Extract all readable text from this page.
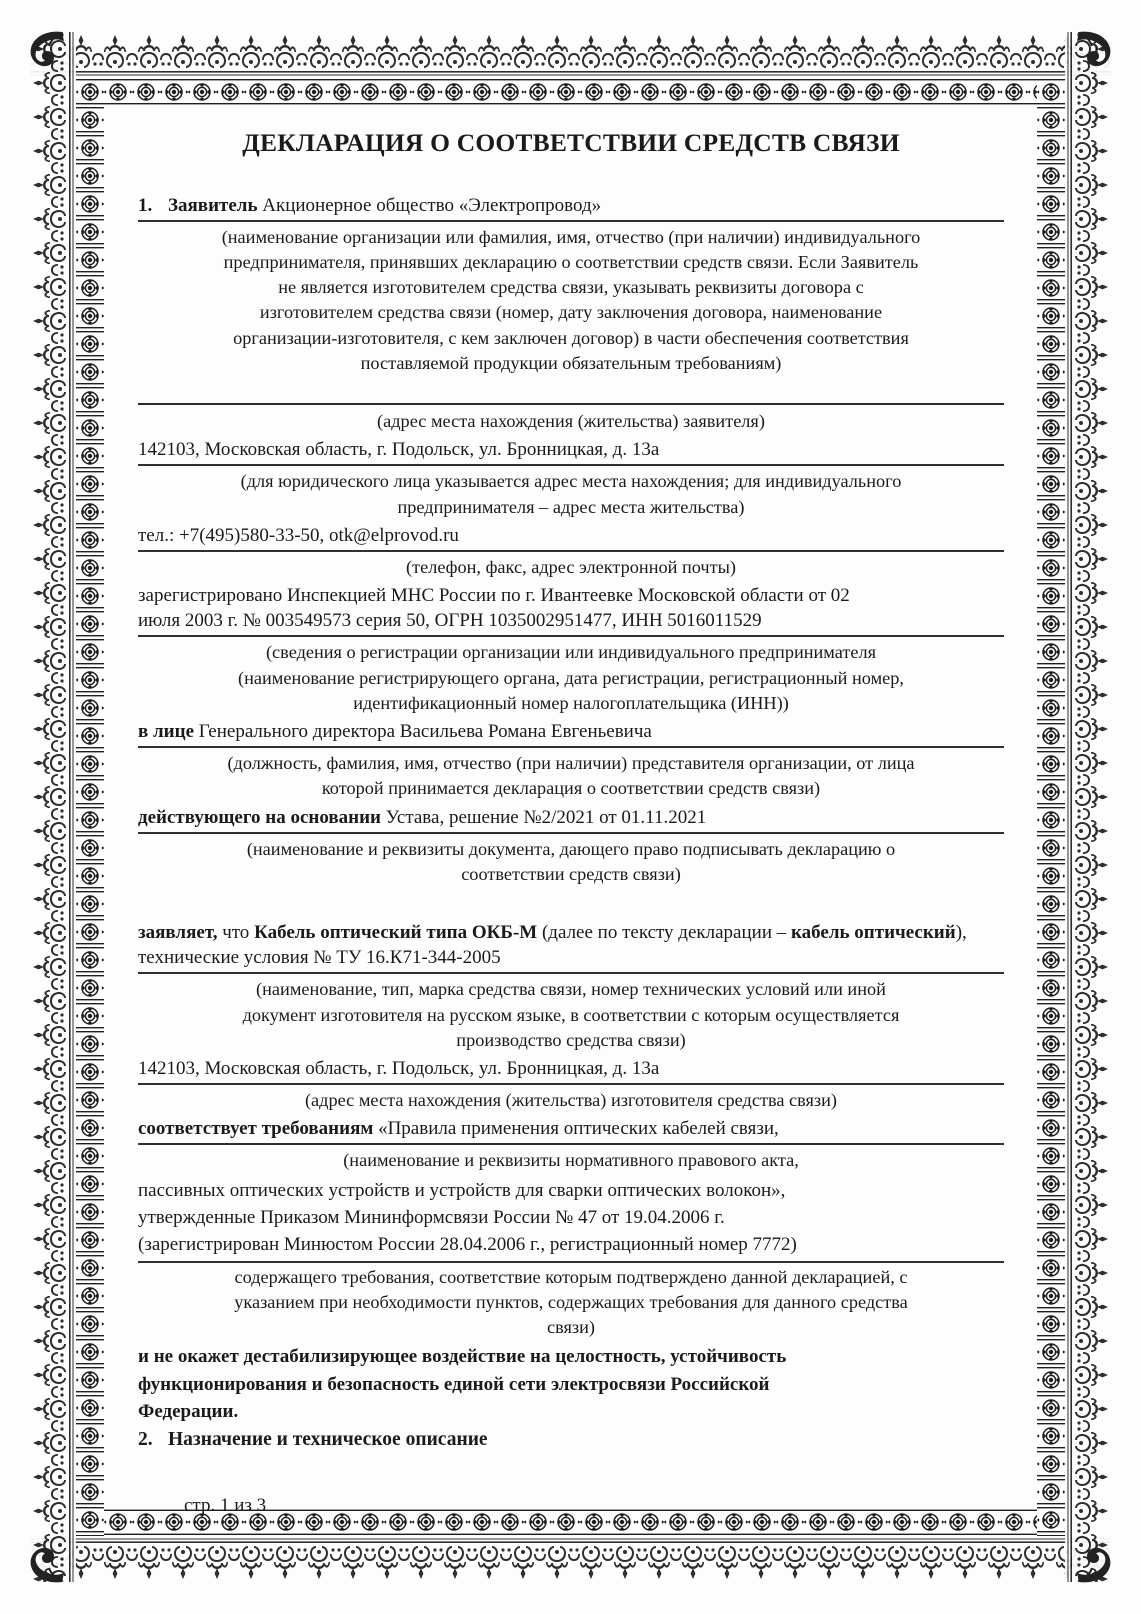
ДЕКЛАРАЦИЯ О СООТВЕТСТВИИ СРЕДСТВ СВЯЗИ
1. Заявитель Акционерное общество «Электропровод»
(наименование организации или фамилия, имя, отчество (при наличии) индивидуального
предпринимателя, принявших декларацию о соответствии средств связи. Если Заявитель
не является изготовителем средства связи, указывать реквизиты договора с
изготовителем средства связи (номер, дату заключения договора, наименование
организации-изготовителя, с кем заключен договор) в части обеспечения соответствия
поставляемой продукции обязательным требованиям)
(адрес места нахождения (жительства) заявителя)
142103, Московская область, г. Подольск, ул. Бронницкая, д. 13а
(для юридического лица указывается адрес места нахождения; для индивидуального
предпринимателя – адрес места жительства)
тел.: +7(495)580-33-50, otk@elprovod.ru
(телефон, факс, адрес электронной почты)
зарегистрировано Инспекцией МНС России по г. Ивантеевке Московской области от 02
июля 2003 г. № 003549573 серия 50, ОГРН 1035002951477, ИНН 5016011529
(сведения о регистрации организации или индивидуального предпринимателя
(наименование регистрирующего органа, дата регистрации, регистрационный номер,
идентификационный номер налогоплательщика (ИНН))
в лице Генерального директора Васильева Романа Евгеньевича
(должность, фамилия, имя, отчество (при наличии) представителя организации, от лица
которой принимается декларация о соответствии средств связи)
действующего на основании Устава, решение №2/2021 от 01.11.2021
(наименование и реквизиты документа, дающего право подписывать декларацию о
соответствии средств связи)
заявляет, что Кабель оптический типа ОКБ-М (далее по тексту декларации – кабель оптический), технические условия № ТУ 16.К71-344-2005
(наименование, тип, марка средства связи, номер технических условий или иной
документ изготовителя на русском языке, в соответствии с которым осуществляется
производство средства связи)
142103, Московская область, г. Подольск, ул. Бронницкая, д. 13а
(адрес места нахождения (жительства) изготовителя средства связи)
соответствует требованиям «Правила применения оптических кабелей связи,
(наименование и реквизиты нормативного правового акта,
пассивных оптических устройств и устройств для сварки оптических волокон»,
утвержденные Приказом Мининформсвязи России № 47 от 19.04.2006 г.
(зарегистрирован Минюстом России 28.04.2006 г., регистрационный номер 7772)
содержащего требования, соответствие которым подтверждено данной декларацией, с
указанием при необходимости пунктов, содержащих требования для данного средства
связи)
и не окажет дестабилизирующее воздействие на целостность, устойчивость
функционирования и безопасность единой сети электросвязи Российской
Федерации.
2. Назначение и техническое описание
стр. 1 из 3
